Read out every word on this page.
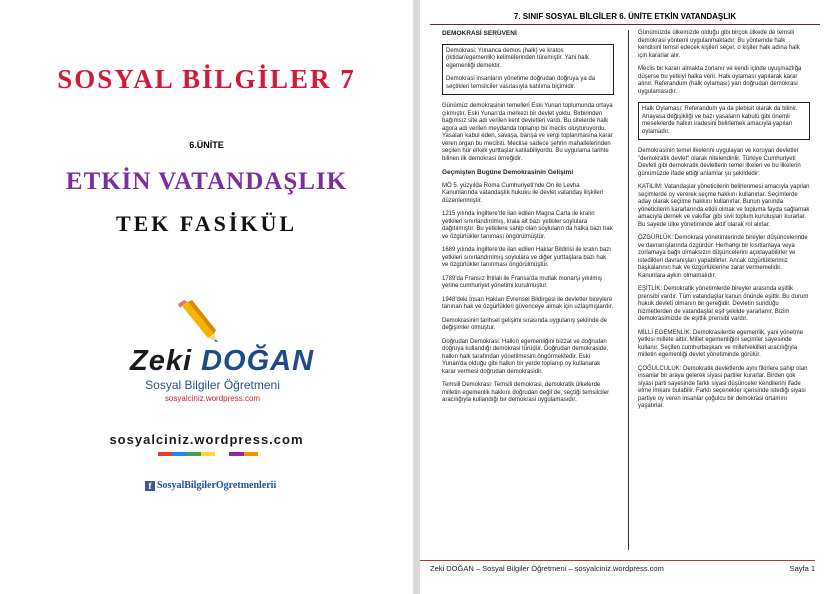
SOSYAL BİLGİLER 7
6.ÜNİTE
ETKİN VATANDAŞLIK
TEK FASİKÜL
Zeki DOĞAN
Sosyal Bilgiler Öğretmeni
sosyalciniz.wordpress.com
sosyalciniz.wordpress.com
f SosyalBilgilerOgretmenlerii
7. SINIF SOSYAL BİLGİLER 6. ÜNİTE ETKİN VATANDAŞLIK
DEMOKRASİ SERÜVENİ

Demokrasi; Yunanca demos (halk) ve kratos (iktidar/egemenlik) kelimelerinden türemiştir. Yani halk egemenliği demektir.

Demokrasi insanların yönetime doğrudan doğruya ya da seçtikleri temsilciler vasıtasıyla katılıma biçimidir.

Günümüz demokrasinin temelleri Eski Yunan toplumunda ortaya çıkmıştır. Eski Yunan'da merkezi bir devlet yoktu. Birbirinden bağımsız site adı verilen kent devletleri vardı. Bu sitelerde halk agora adı verilen meydanda toplanıp bir meclis oluşturuyordu. Yasaları kabul eden, savaşa, barışa ve vergi toplanmasına karar veren organ bu meclisti. Meclise sadece şehrin mahallelerinden seçilen hür erkek yurttaşlar katılabiliyordu. Bu uygulama tarihte bilinen ilk demokrasi örneğidir.

Geçmişten Bugüne Demokrasinin Gelişimi

MÖ 5. yüzyılda Roma Cumhuriyeti'nde On iki Levha Kanunlarında vatandaşlık hukuku ile devlet vatandaş ilişkileri düzenlenmiştir.

1215 yılında İngiltere'de ilan edilen Magna Carta ile kralın yetkileri sınırlandırılmış, krala ait bazı yetkiler soylulara dağıtılmıştır. Bu yetkilere sahip olan soyluların da halka bazı hak ve özgürlükler tanıması öngörülmüştür.

1689 yılında İngiltere'de ilan edilen Haklar Bildirisi ile kralın bazı yetkileri sınırlandırılmış soylulara ve diğer yurttaşlara bazı hak ve özgürlükler tanınması öngörülmüştür.

1789'da Fransız İhtilali ile Fransa'da mutlak monarşi yıkılmış yerine cumhuriyet yönetimi kurulmuştur.

1948'deki İnsan Hakları Evrensel Bildirgesi ile devletler bireylere tanınan hak ve özgürlükleri güvenceye almak için uzlaşmışlardır.

Demokrasinin tarihsel gelişimi sırasında uygulanış şeklinde de değişimler olmuştur.

Doğrudan Demokrasi: Halkın egemenliğini bizzat ve doğrudan doğruya kullandığı demokrasi türüdür. Doğrudan demokraside, halkın halk tarafından yönetilmesini öngörmektedir. Eski Yunan'da olduğu gibi halkın bir yerde toplanıp oy kullanarak karar vermesi doğrudan demokrasidir.

Temsili Demokrasi: Temsili demokrasi, demokratik ülkelerde milletin egemenlik hakkını doğrudan değil de, seçtiği temsilciler aracılığıyla kullandığı bir demokrasi uygulamasıdır.

Günümüzde ülkemizde olduğu gibi birçok ülkede de temsili demokrasi yöntemi uygulanmaktadır. Bu yöntemde halk kendisini temsil edecek kişileri seçer, o kişiler halk adına halk için kararlar alır.

Meclis bir kararı almakta zorlanır ve kendi içinde uyuşmazlığa düşerse bu yetkiyi halka verir. Halk oylaması yapılarak karar alınır. Referandum (halk oylaması) yarı doğrudan demokrasi uygulamasıdır.

Halk Oylaması: Referandum ya da plebisit olarak da bilinir. Anayasa değişikliği ve bazı yasaların kabulü gibi önemli meselelerde halkın iradesini belirlemek amacıyla yapılan oylamadır.

Demokrasinin temel ilkelerini uygulayan ve koruyan devletler "demokratik devlet" olarak nitelendirilir. Türkiye Cumhuriyeti Devleti gibi demokratik devletlerin temel ilkeleri ve bu ilkelerin günümüzde ifade ettiği anlamlar şu şekildedir:

KATILIM: Vatandaşlar yöneticilerin belirlenmesi amacıyla yapılan seçimlerde oy vererek seçme hakkını kullanırlar. Seçimlerde aday olarak seçilme hakkını kullanırlar. Bunun yanında yöneticilerin kararlarında etkili olmak ve topluma fayda sağlamak amacıyla dernek ve vakıflar gibi sivil toplum kuruluşları kurarlar. Bu sayede ülke yönetiminde aktif olarak rol alırlar.

ÖZGÜRLÜK: Demokrasi yönetimlerinde bireyler düşüncelerinde ve davranışlarında özgürdür. Herhangi bir kısıtlamaya veya zorlamaya bağlı olmaksızın düşüncelerini açıklayabilirler ve istedikleri davranışları yapabilirler. Ancak özgürlüklerimiz başkalarının hak ve özgürlüklerine zarar vermemelidir. Kanunlara aykırı olmamalıdır.

EŞİTLİK: Demokratik yönetimlerde bireyler arasında eşitlik prensibi vardır. Tüm vatandaşlar kanun önünde eşittir. Bu durum hukuk devleti olmanın bir gereğidir. Devletin sunduğu hizmetlerden de vatandaşlar eşit şekilde yararlanır. Bizim demokrasimizde de eşitlik prensibi vardır.

MİLLİ EGEMENLİK: Demokrasilerde egemenlik, yani yönetme yetkisi millete aittir. Millet egemenliğini seçimler sayesinde kullanır. Seçilen cumhurbaşkanı ve milletvekilleri aracılığıyla milletin egemenliği devlet yönetiminde görülür.

ÇOĞULCULUK: Demokratik devletlerde aynı fikirlere sahip olan insanlar bir araya gelerek siyasi partiler kurarlar. Birden çok siyasi parti sayesinde farklı siyasi düşünceler kendilerini ifade etme imkanı bulabilir. Farklı seçenekler içerisinde istediği siyasi partiye oy veren insanlar çoğulcu bir demokrasi ortamını yaşatırlar.

Zeki DOĞAN – Sosyal Bilgiler Öğretmeni – sosyalciniz.wordpress.com	Sayfa 1
